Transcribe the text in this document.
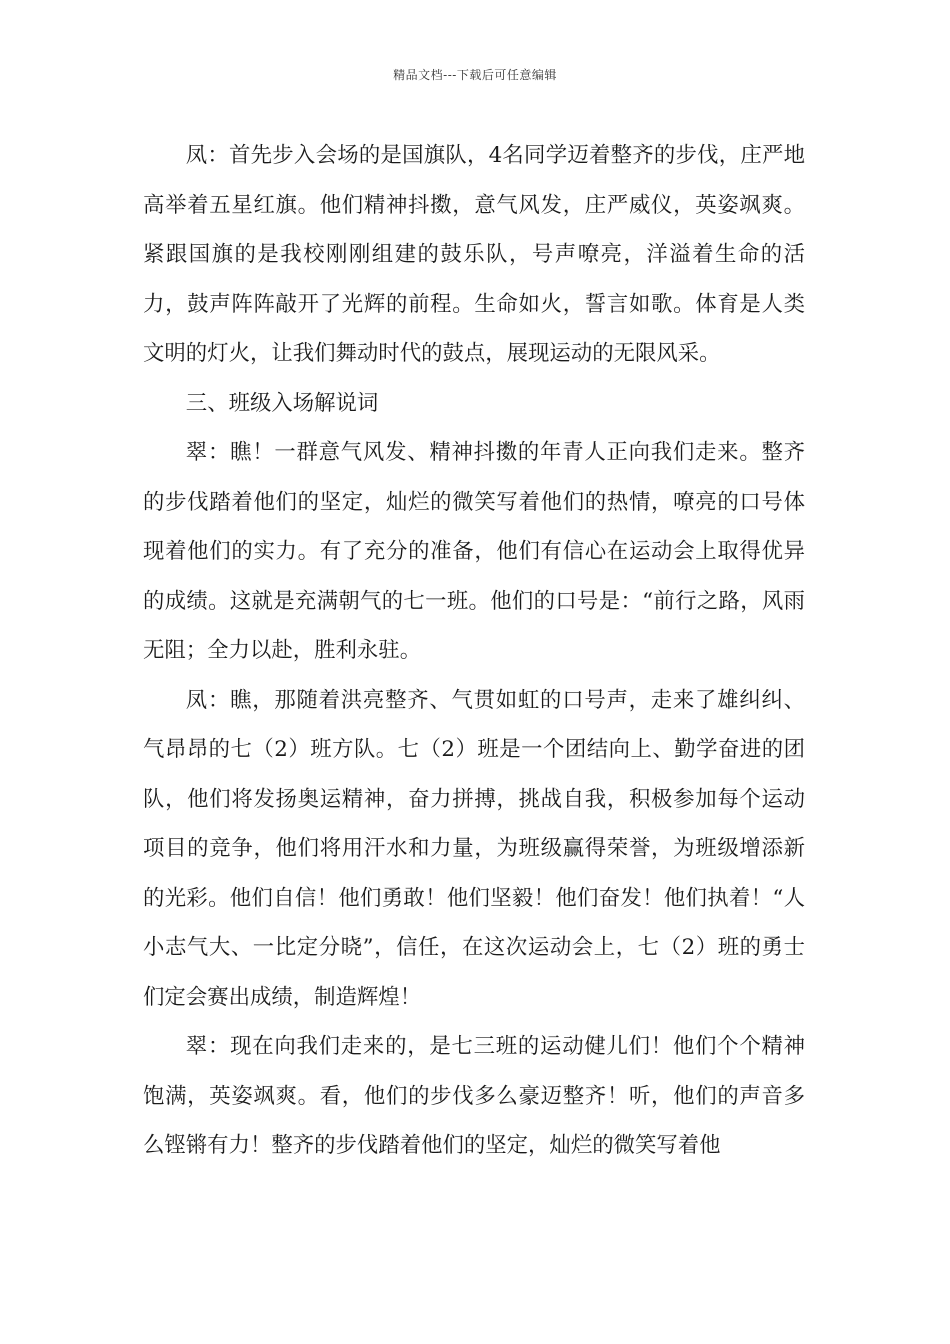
精品文档---下载后可任意编辑

凤：首先步入会场的是国旗队，4名同学迈着整齐的步伐，庄严地高举着五星红旗。他们精神抖擞，意气风发，庄严威仪，英姿飒爽。紧跟国旗的是我校刚刚组建的鼓乐队，号声嘹亮，洋溢着生命的活力，鼓声阵阵敲开了光辉的前程。生命如火，誓言如歌。体育是人类文明的灯火，让我们舞动时代的鼓点，展现运动的无限风采。

三、班级入场解说词

翠：瞧！一群意气风发、精神抖擞的年青人正向我们走来。整齐的步伐踏着他们的坚定，灿烂的微笑写着他们的热情，嘹亮的口号体现着他们的实力。有了充分的准备，他们有信心在运动会上取得优异的成绩。这就是充满朝气的七一班。他们的口号是：“前行之路，风雨无阻；全力以赴，胜利永驻。

凤：瞧，那随着洪亮整齐、气贯如虹的口号声，走来了雄纠纠、气昂昂的七（2）班方队。七（2）班是一个团结向上、勤学奋进的团队，他们将发扬奥运精神，奋力拼搏，挑战自我，积极参加每个运动项目的竞争，他们将用汗水和力量，为班级赢得荣誉，为班级增添新的光彩。他们自信！他们勇敢！他们坚毅！他们奋发！他们执着！“人小志气大、一比定分晓”，信任，在这次运动会上，七（2）班的勇士们定会赛出成绩，制造辉煌！

翠：现在向我们走来的，是七三班的运动健儿们！他们个个精神饱满，英姿飒爽。看，他们的步伐多么豪迈整齐！听，他们的声音多么铿锵有力！整齐的步伐踏着他们的坚定，灿烂的微笑写着他
